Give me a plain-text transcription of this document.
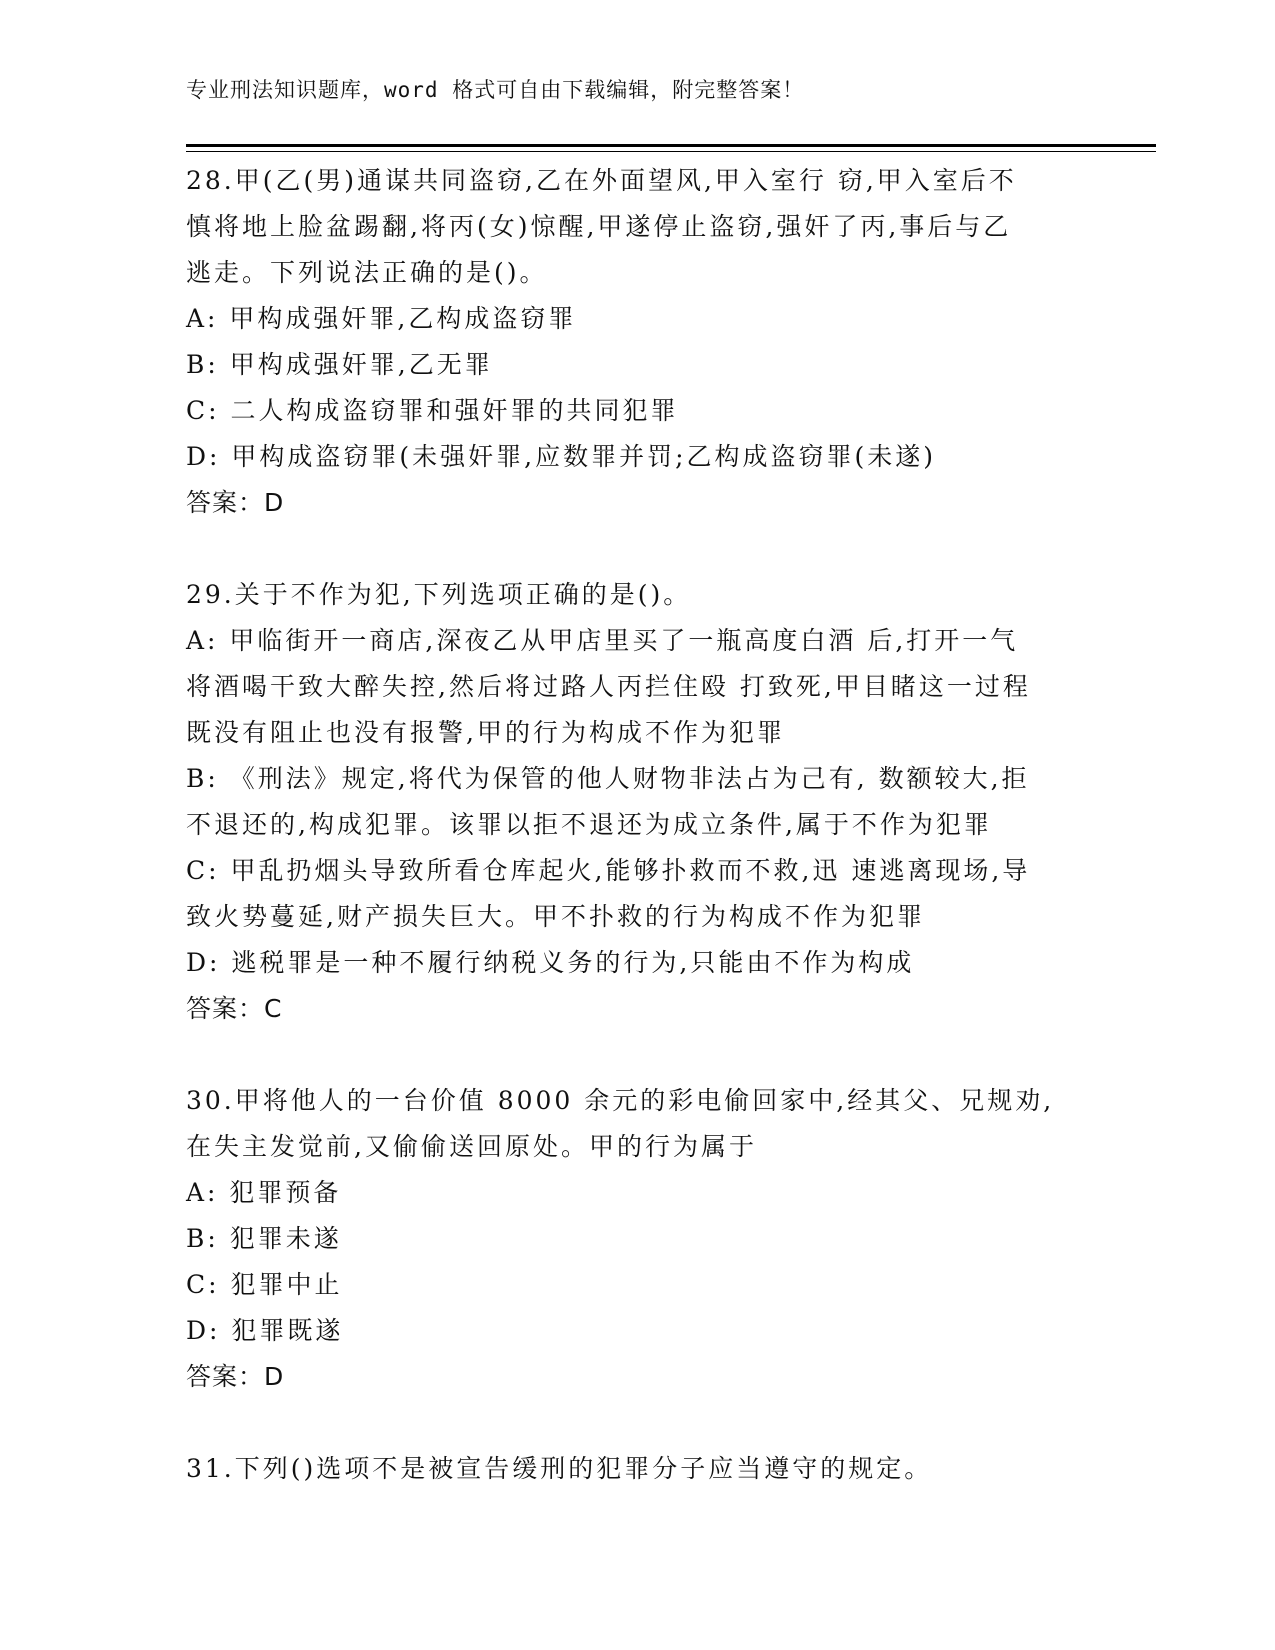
专业刑法知识题库，word 格式可自由下载编辑，附完整答案！

28.甲(乙(男)通谋共同盗窃,乙在外面望风,甲入室行 窃,甲入室后不

慎将地上脸盆踢翻,将丙(女)惊醒,甲遂停止盗窃,强奸了丙,事后与乙

逃走。下列说法正确的是()。

A: 甲构成强奸罪,乙构成盗窃罪

B: 甲构成强奸罪,乙无罪

C: 二人构成盗窃罪和强奸罪的共同犯罪

D: 甲构成盗窃罪(未强奸罪,应数罪并罚;乙构成盗窃罪(未遂)

答案：D

29.关于不作为犯,下列选项正确的是()。

A: 甲临街开一商店,深夜乙从甲店里买了一瓶高度白酒 后,打开一气

将酒喝干致大醉失控,然后将过路人丙拦住殴 打致死,甲目睹这一过程

既没有阻止也没有报警,甲的行为构成不作为犯罪

B: 《刑法》规定,将代为保管的他人财物非法占为己有, 数额较大,拒

不退还的,构成犯罪。该罪以拒不退还为成立条件,属于不作为犯罪

C: 甲乱扔烟头导致所看仓库起火,能够扑救而不救,迅 速逃离现场,导

致火势蔓延,财产损失巨大。甲不扑救的行为构成不作为犯罪

D: 逃税罪是一种不履行纳税义务的行为,只能由不作为构成

答案：C

30.甲将他人的一台价值 8000 余元的彩电偷回家中,经其父、兄规劝,

在失主发觉前,又偷偷送回原处。甲的行为属于

A: 犯罪预备

B: 犯罪未遂

C: 犯罪中止

D: 犯罪既遂

答案：D

31.下列()选项不是被宣告缓刑的犯罪分子应当遵守的规定。
